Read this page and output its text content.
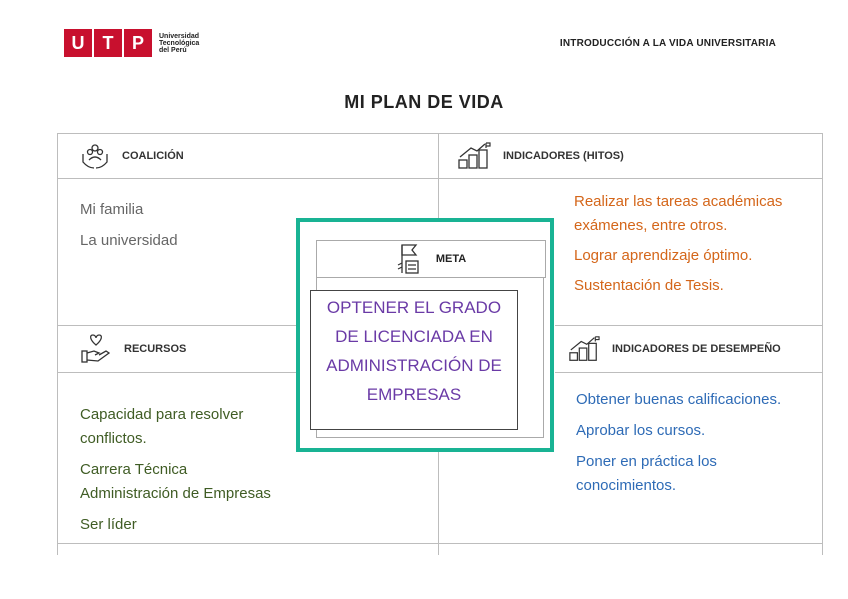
U	T	P	Universidad
Tecnológica
del Perú
INTRODUCCIÓN A LA VIDA UNIVERSITARIA
MI PLAN DE VIDA
COALICIÓN
Mi familia
La universidad
INDICADORES (HITOS)
Realizar las tareas académicas
exámenes, entre otros.
Lograr aprendizaje óptimo.
Sustentación de Tesis.
RECURSOS
Capacidad para resolver
conflictos.
Carrera Técnica
Administración de Empresas
Ser líder
INDICADORES DE DESEMPEÑO
Obtener buenas calificaciones.
Aprobar los cursos.
Poner en práctica los
conocimientos.
META
OPTENER EL GRADO
DE LICENCIADA EN
ADMINISTRACIÓN DE
EMPRESAS
